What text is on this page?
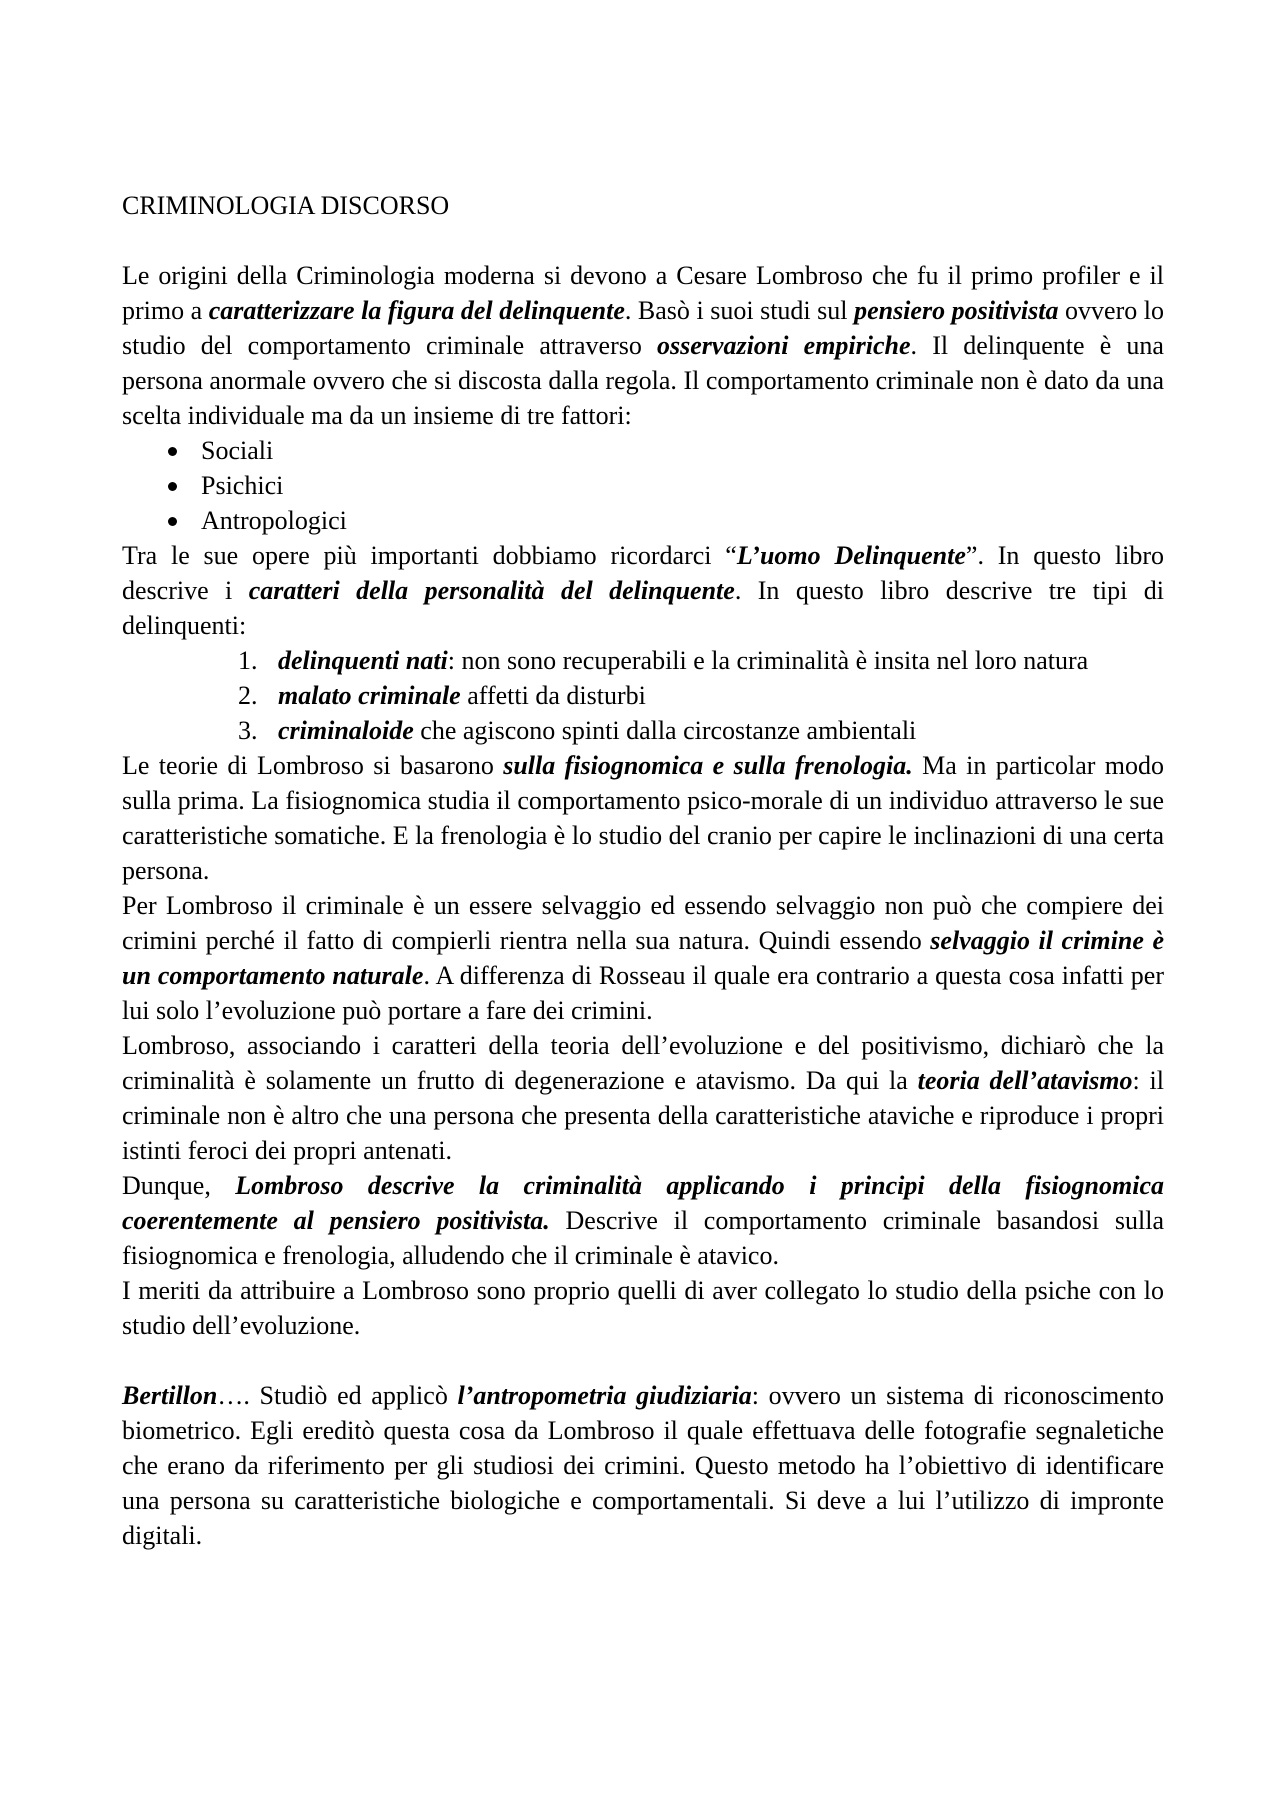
CRIMINOLOGIA DISCORSO

Le origini della Criminologia moderna si devono a Cesare Lombroso che fu il primo profiler e il primo a caratterizzare la figura del delinquente. Basò i suoi studi sul pensiero positivista ovvero lo studio del comportamento criminale attraverso osservazioni empiriche. Il delinquente è una persona anormale ovvero che si discosta dalla regola. Il comportamento criminale non è dato da una scelta individuale ma da un insieme di tre fattori:

Sociali
Psichici
Antropologici

Tra le sue opere più importanti dobbiamo ricordarci “L’uomo Delinquente”. In questo libro descrive i caratteri della personalità del delinquente. In questo libro descrive tre tipi di delinquenti:

1. delinquenti nati: non sono recuperabili e la criminalità è insita nel loro natura
2. malato criminale affetti da disturbi
3. criminaloide che agiscono spinti dalla circostanze ambientali

Le teorie di Lombroso si basarono sulla fisiognomica e sulla frenologia. Ma in particolar modo sulla prima. La fisiognomica studia il comportamento psico-morale di un individuo attraverso le sue caratteristiche somatiche. E la frenologia è lo studio del cranio per capire le inclinazioni di una certa persona.

Per Lombroso il criminale è un essere selvaggio ed essendo selvaggio non può che compiere dei crimini perché il fatto di compierli rientra nella sua natura. Quindi essendo selvaggio il crimine è un comportamento naturale. A differenza di Rosseau il quale era contrario a questa cosa infatti per lui solo l’evoluzione può portare a fare dei crimini.

Lombroso, associando i caratteri della teoria dell’evoluzione e del positivismo, dichiarò che la criminalità è solamente un frutto di degenerazione e atavismo. Da qui la teoria dell’atavismo: il criminale non è altro che una persona che presenta della caratteristiche ataviche e riproduce i propri istinti feroci dei propri antenati.

Dunque, Lombroso descrive la criminalità applicando i principi della fisiognomica coerentemente al pensiero positivista. Descrive il comportamento criminale basandosi sulla fisiognomica e frenologia, alludendo che il criminale è atavico.

I meriti da attribuire a Lombroso sono proprio quelli di aver collegato lo studio della psiche con lo studio dell’evoluzione.

Bertillon…. Studiò ed applicò l’antropometria giudiziaria: ovvero un sistema di riconoscimento biometrico. Egli ereditò questa cosa da Lombroso il quale effettuava delle fotografie segnaletiche che erano da riferimento per gli studiosi dei crimini. Questo metodo ha l’obiettivo di identificare una persona su caratteristiche biologiche e comportamentali. Si deve a lui l’utilizzo di impronte digitali.
